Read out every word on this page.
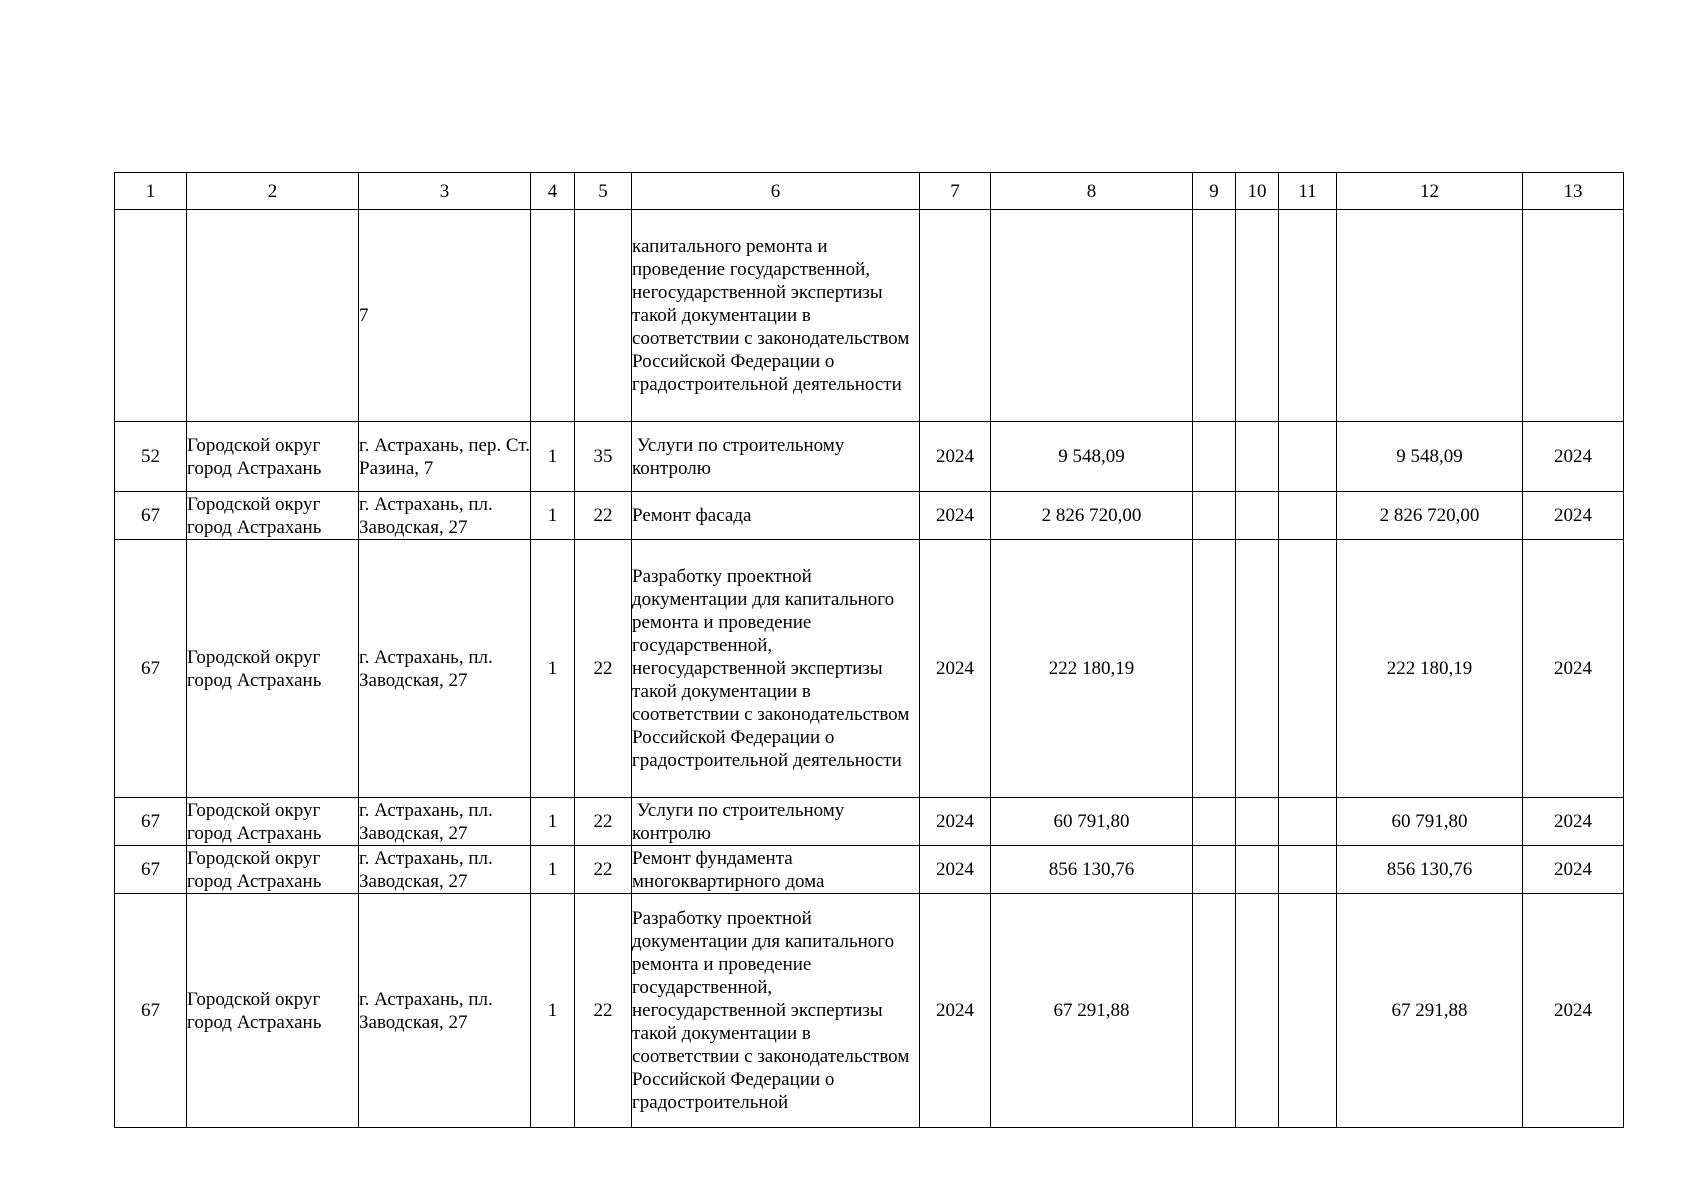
1	2	3	4	5	6	7	8	9	10	11	12	13
		7			капитального ремонта и проведение государственной, негосударственной экспертизы такой документации в соответствии с законодательством Российской Федерации о градостроительной деятельности							
52	Городской округ город Астрахань	г. Астрахань, пер. Ст. Разина, 7	1	35	Услуги по строительному контролю	2024	9 548,09				9 548,09	2024
67	Городской округ город Астрахань	г. Астрахань, пл. Заводская, 27	1	22	Ремонт фасада	2024	2 826 720,00				2 826 720,00	2024
67	Городской округ город Астрахань	г. Астрахань, пл. Заводская, 27	1	22	Разработку проектной документации для капитального ремонта и проведение государственной, негосударственной экспертизы такой документации в соответствии с законодательством Российской Федерации о градостроительной деятельности	2024	222 180,19				222 180,19	2024
67	Городской округ город Астрахань	г. Астрахань, пл. Заводская, 27	1	22	Услуги по строительному контролю	2024	60 791,80				60 791,80	2024
67	Городской округ город Астрахань	г. Астрахань, пл. Заводская, 27	1	22	Ремонт фундамента многоквартирного дома	2024	856 130,76				856 130,76	2024
67	Городской округ город Астрахань	г. Астрахань, пл. Заводская, 27	1	22	Разработку проектной документации для капитального ремонта и проведение государственной, негосударственной экспертизы такой документации в соответствии с законодательством Российской Федерации о градостроительной	2024	67 291,88				67 291,88	2024
